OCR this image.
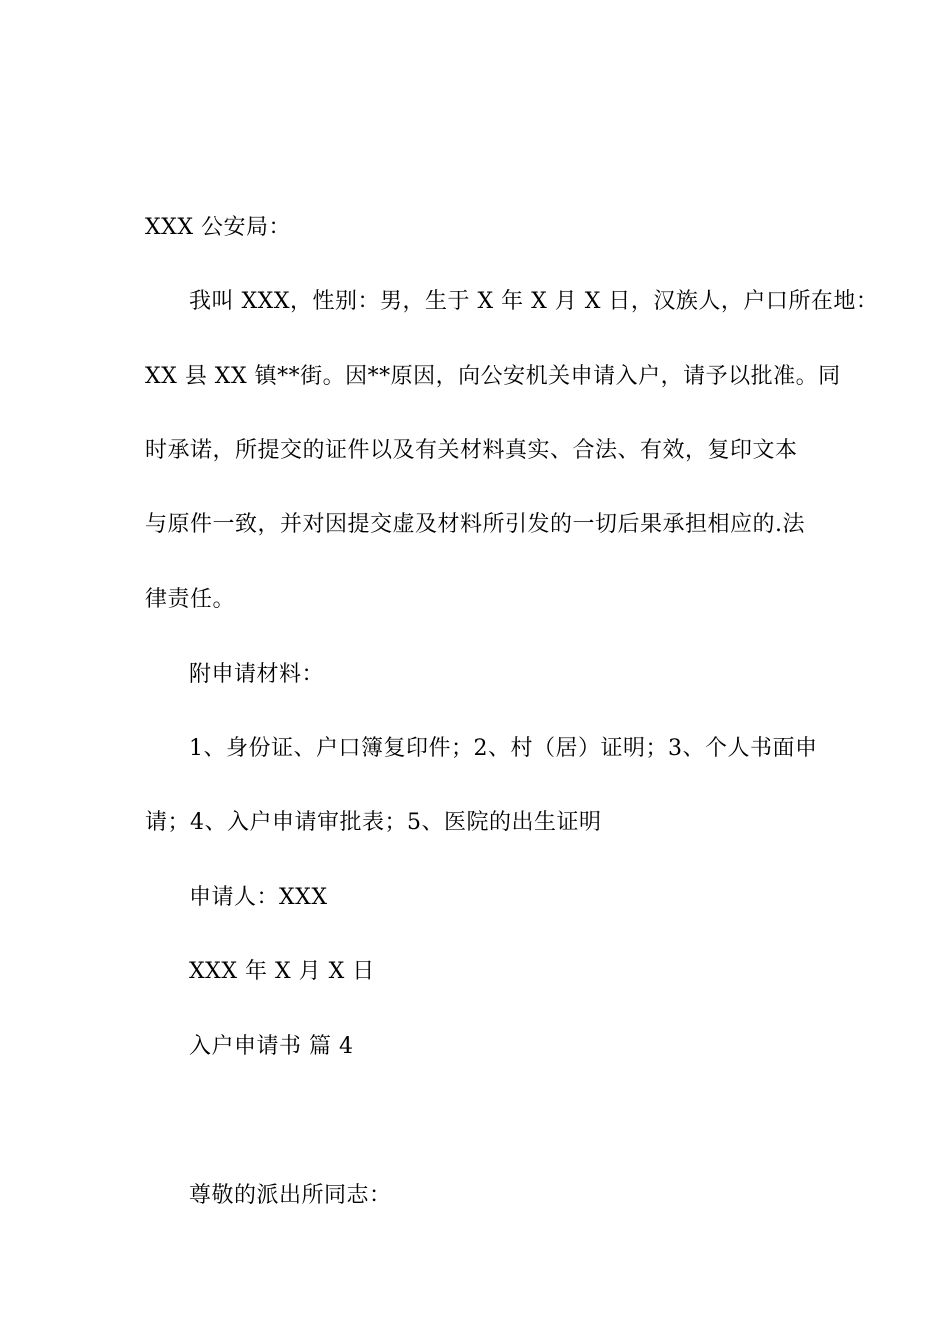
XXX 公安局：
我叫 XXX，性别：男，生于 X 年 X 月 X 日，汉族人，户口所在地：
XX 县 XX 镇**街。因**原因，向公安机关申请入户，请予以批准。同
时承诺，所提交的证件以及有关材料真实、合法、有效，复印文本
与原件一致，并对因提交虚及材料所引发的一切后果承担相应的.法
律责任。
附申请材料：
1、身份证、户口簿复印件；2、村（居）证明；3、个人书面申
请；4、入户申请审批表；5、医院的出生证明
申请人：XXX
XXX 年 X 月 X 日
入户申请书 篇 4
尊敬的派出所同志：
